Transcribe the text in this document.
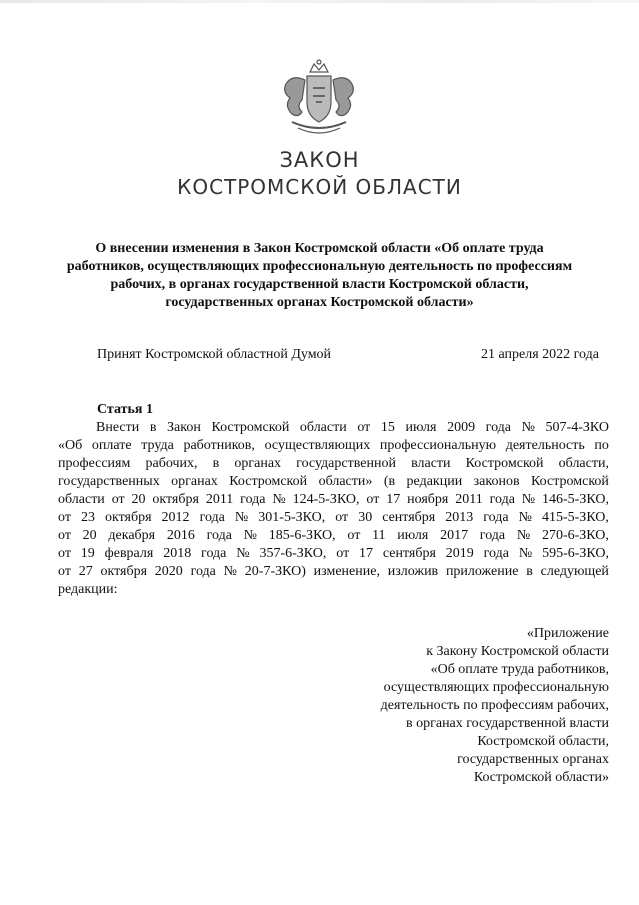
ЗАКОН
КОСТРОМСКОЙ ОБЛАСТИ
О внесении изменения в Закон Костромской области «Об оплате труда
работников, осуществляющих профессиональную деятельность по профессиям
рабочих, в органах государственной власти Костромской области,
государственных органах Костромской области»
Принят Костромской областной Думой	21 апреля 2022 года
Статья 1
Внести в Закон Костромской области от 15 июля 2009 года № 507-4-ЗКО
«Об оплате труда работников, осуществляющих профессиональную деятельность по
профессиям рабочих, в органах государственной власти Костромской области,
государственных органах Костромской области» (в редакции законов Костромской
области от 20 октября 2011 года № 124-5-ЗКО, от 17 ноября 2011 года № 146-5-ЗКО,
от 23 октября 2012 года № 301-5-ЗКО, от 30 сентября 2013 года № 415-5-ЗКО,
от 20 декабря 2016 года № 185-6-ЗКО, от 11 июля 2017 года № 270-6-ЗКО,
от 19 февраля 2018 года № 357-6-ЗКО, от 17 сентября 2019 года № 595-6-ЗКО,
от 27 октября 2020 года № 20-7-ЗКО) изменение, изложив приложение в следующей
редакции:
«Приложение
к Закону Костромской области
«Об оплате труда работников,
осуществляющих профессиональную
деятельность по профессиям рабочих,
в органах государственной власти
Костромской области,
государственных органах
Костромской области»
